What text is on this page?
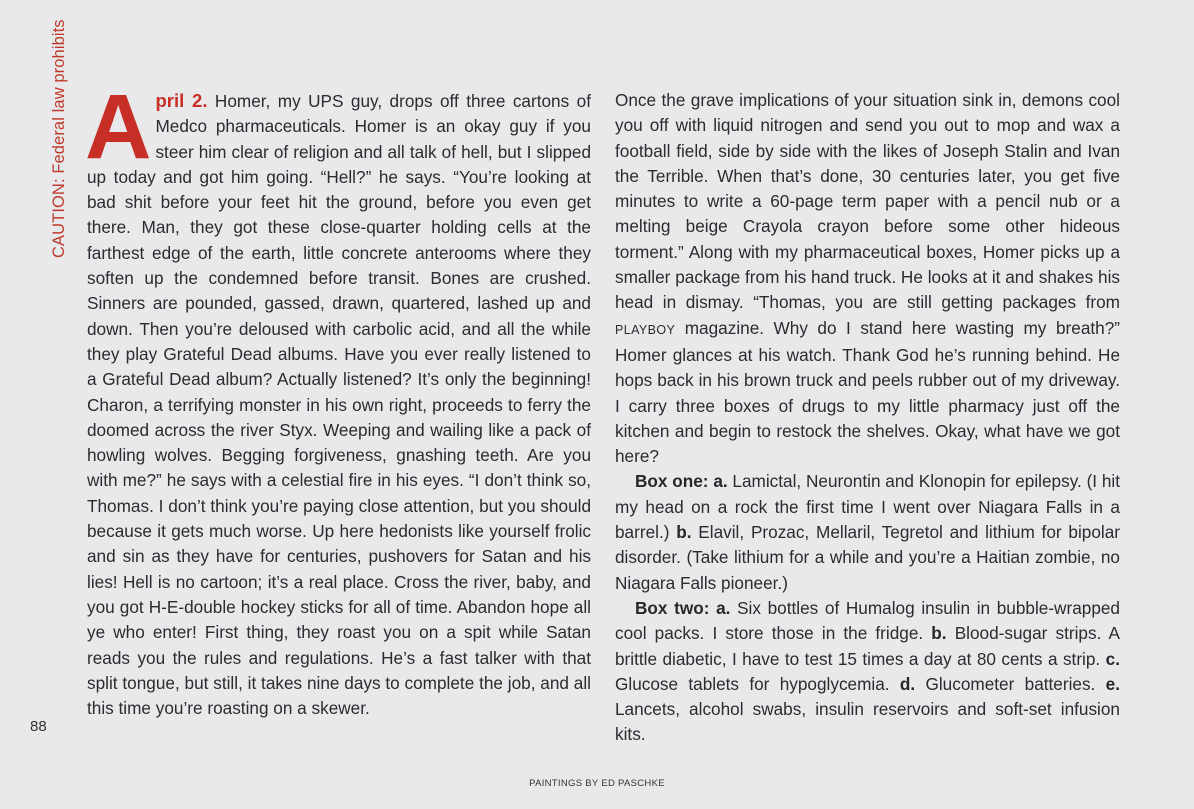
CAUTION: Federal law prohibits
88

April 2. Homer, my UPS guy, drops off three cartons of Medco pharmaceuticals. Homer is an okay guy if you steer him clear of religion and all talk of hell, but I slipped up today and got him going. “Hell?” he says. “You’re looking at bad shit before your feet hit the ground, before you even get there. Man, they got these close-quarter holding cells at the farthest edge of the earth, little concrete anterooms where they soften up the condemned before transit. Bones are crushed. Sinners are pounded, gassed, drawn, quartered, lashed up and down. Then you’re deloused with carbolic acid, and all the while they play Grateful Dead albums. Have you ever really listened to a Grateful Dead album? Actually listened? It’s only the beginning! Charon, a terrifying monster in his own right, proceeds to ferry the doomed across the river Styx. Weeping and wailing like a pack of howling wolves. Begging forgiveness, gnashing teeth. Are you with me?” he says with a celestial fire in his eyes. “I don’t think so, Thomas. I don’t think you’re paying close attention, but you should because it gets much worse. Up here hedonists like yourself frolic and sin as they have for centuries, pushovers for Satan and his lies! Hell is no cartoon; it’s a real place. Cross the river, baby, and you got H-E-double hockey sticks for all of time. Abandon hope all ye who enter! First thing, they roast you on a spit while Satan reads you the rules and regulations. He’s a fast talker with that split tongue, but still, it takes nine days to complete the job, and all this time you’re roasting on a skewer.

Once the grave implications of your situation sink in, demons cool you off with liquid nitrogen and send you out to mop and wax a football field, side by side with the likes of Joseph Stalin and Ivan the Terrible. When that’s done, 30 centuries later, you get five minutes to write a 60-page term paper with a pencil nub or a melting beige Crayola crayon before some other hideous torment.” Along with my pharmaceutical boxes, Homer picks up a smaller package from his hand truck. He looks at it and shakes his head in dismay. “Thomas, you are still getting packages from PLAYBOY magazine. Why do I stand here wasting my breath?” Homer glances at his watch. Thank God he’s running behind. He hops back in his brown truck and peels rubber out of my driveway. I carry three boxes of drugs to my little pharmacy just off the kitchen and begin to restock the shelves. Okay, what have we got here?

Box one: a. Lamictal, Neurontin and Klonopin for epilepsy. (I hit my head on a rock the first time I went over Niagara Falls in a barrel.) b. Elavil, Prozac, Mellaril, Tegretol and lithium for bipolar disorder. (Take lithium for a while and you’re a Haitian zombie, no Niagara Falls pioneer.)

Box two: a. Six bottles of Humalog insulin in bubble-wrapped cool packs. I store those in the fridge. b. Blood-sugar strips. A brittle diabetic, I have to test 15 times a day at 80 cents a strip. c. Glucose tablets for hypoglycemia. d. Glucometer batteries. e. Lancets, alcohol swabs, insulin reservoirs and soft-set infusion kits.

PAINTINGS BY ED PASCHKE
